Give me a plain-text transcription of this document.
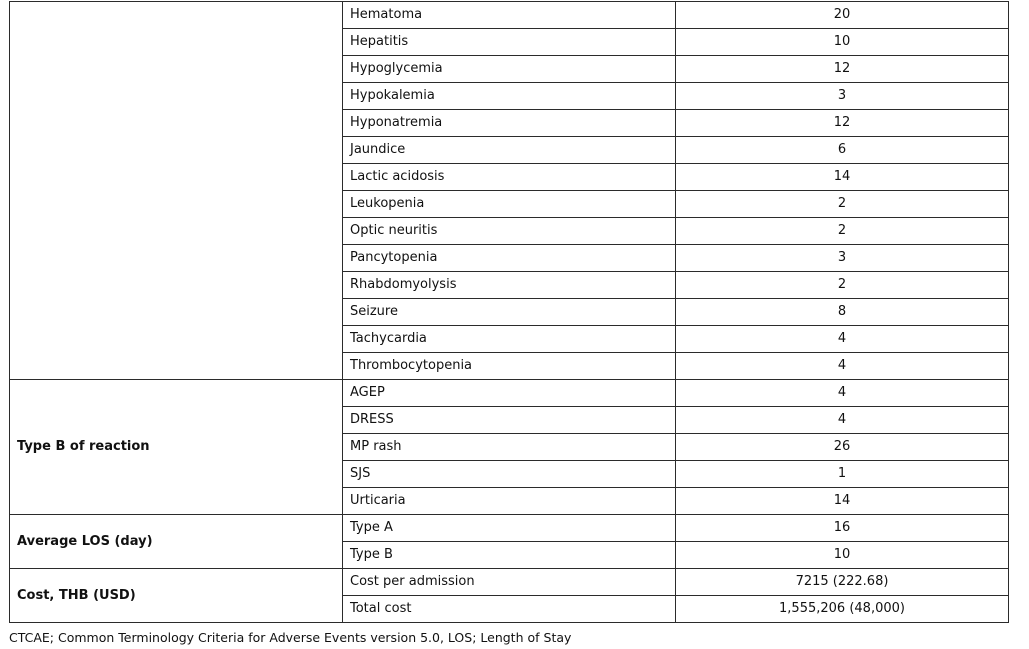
	Hematoma	20
	Hepatitis	10
	Hypoglycemia	12
	Hypokalemia	3
	Hyponatremia	12
	Jaundice	6
	Lactic acidosis	14
	Leukopenia	2
	Optic neuritis	2
	Pancytopenia	3
	Rhabdomyolysis	2
	Seizure	8
	Tachycardia	4
	Thrombocytopenia	4
Type B of reaction	AGEP	4
	DRESS	4
	MP rash	26
	SJS	1
	Urticaria	14
Average LOS (day)	Type A	16
	Type B	10
Cost, THB (USD)	Cost per admission	7215 (222.68)
	Total cost	1,555,206 (48,000)
CTCAE; Common Terminology Criteria for Adverse Events version 5.0, LOS; Length of Stay
